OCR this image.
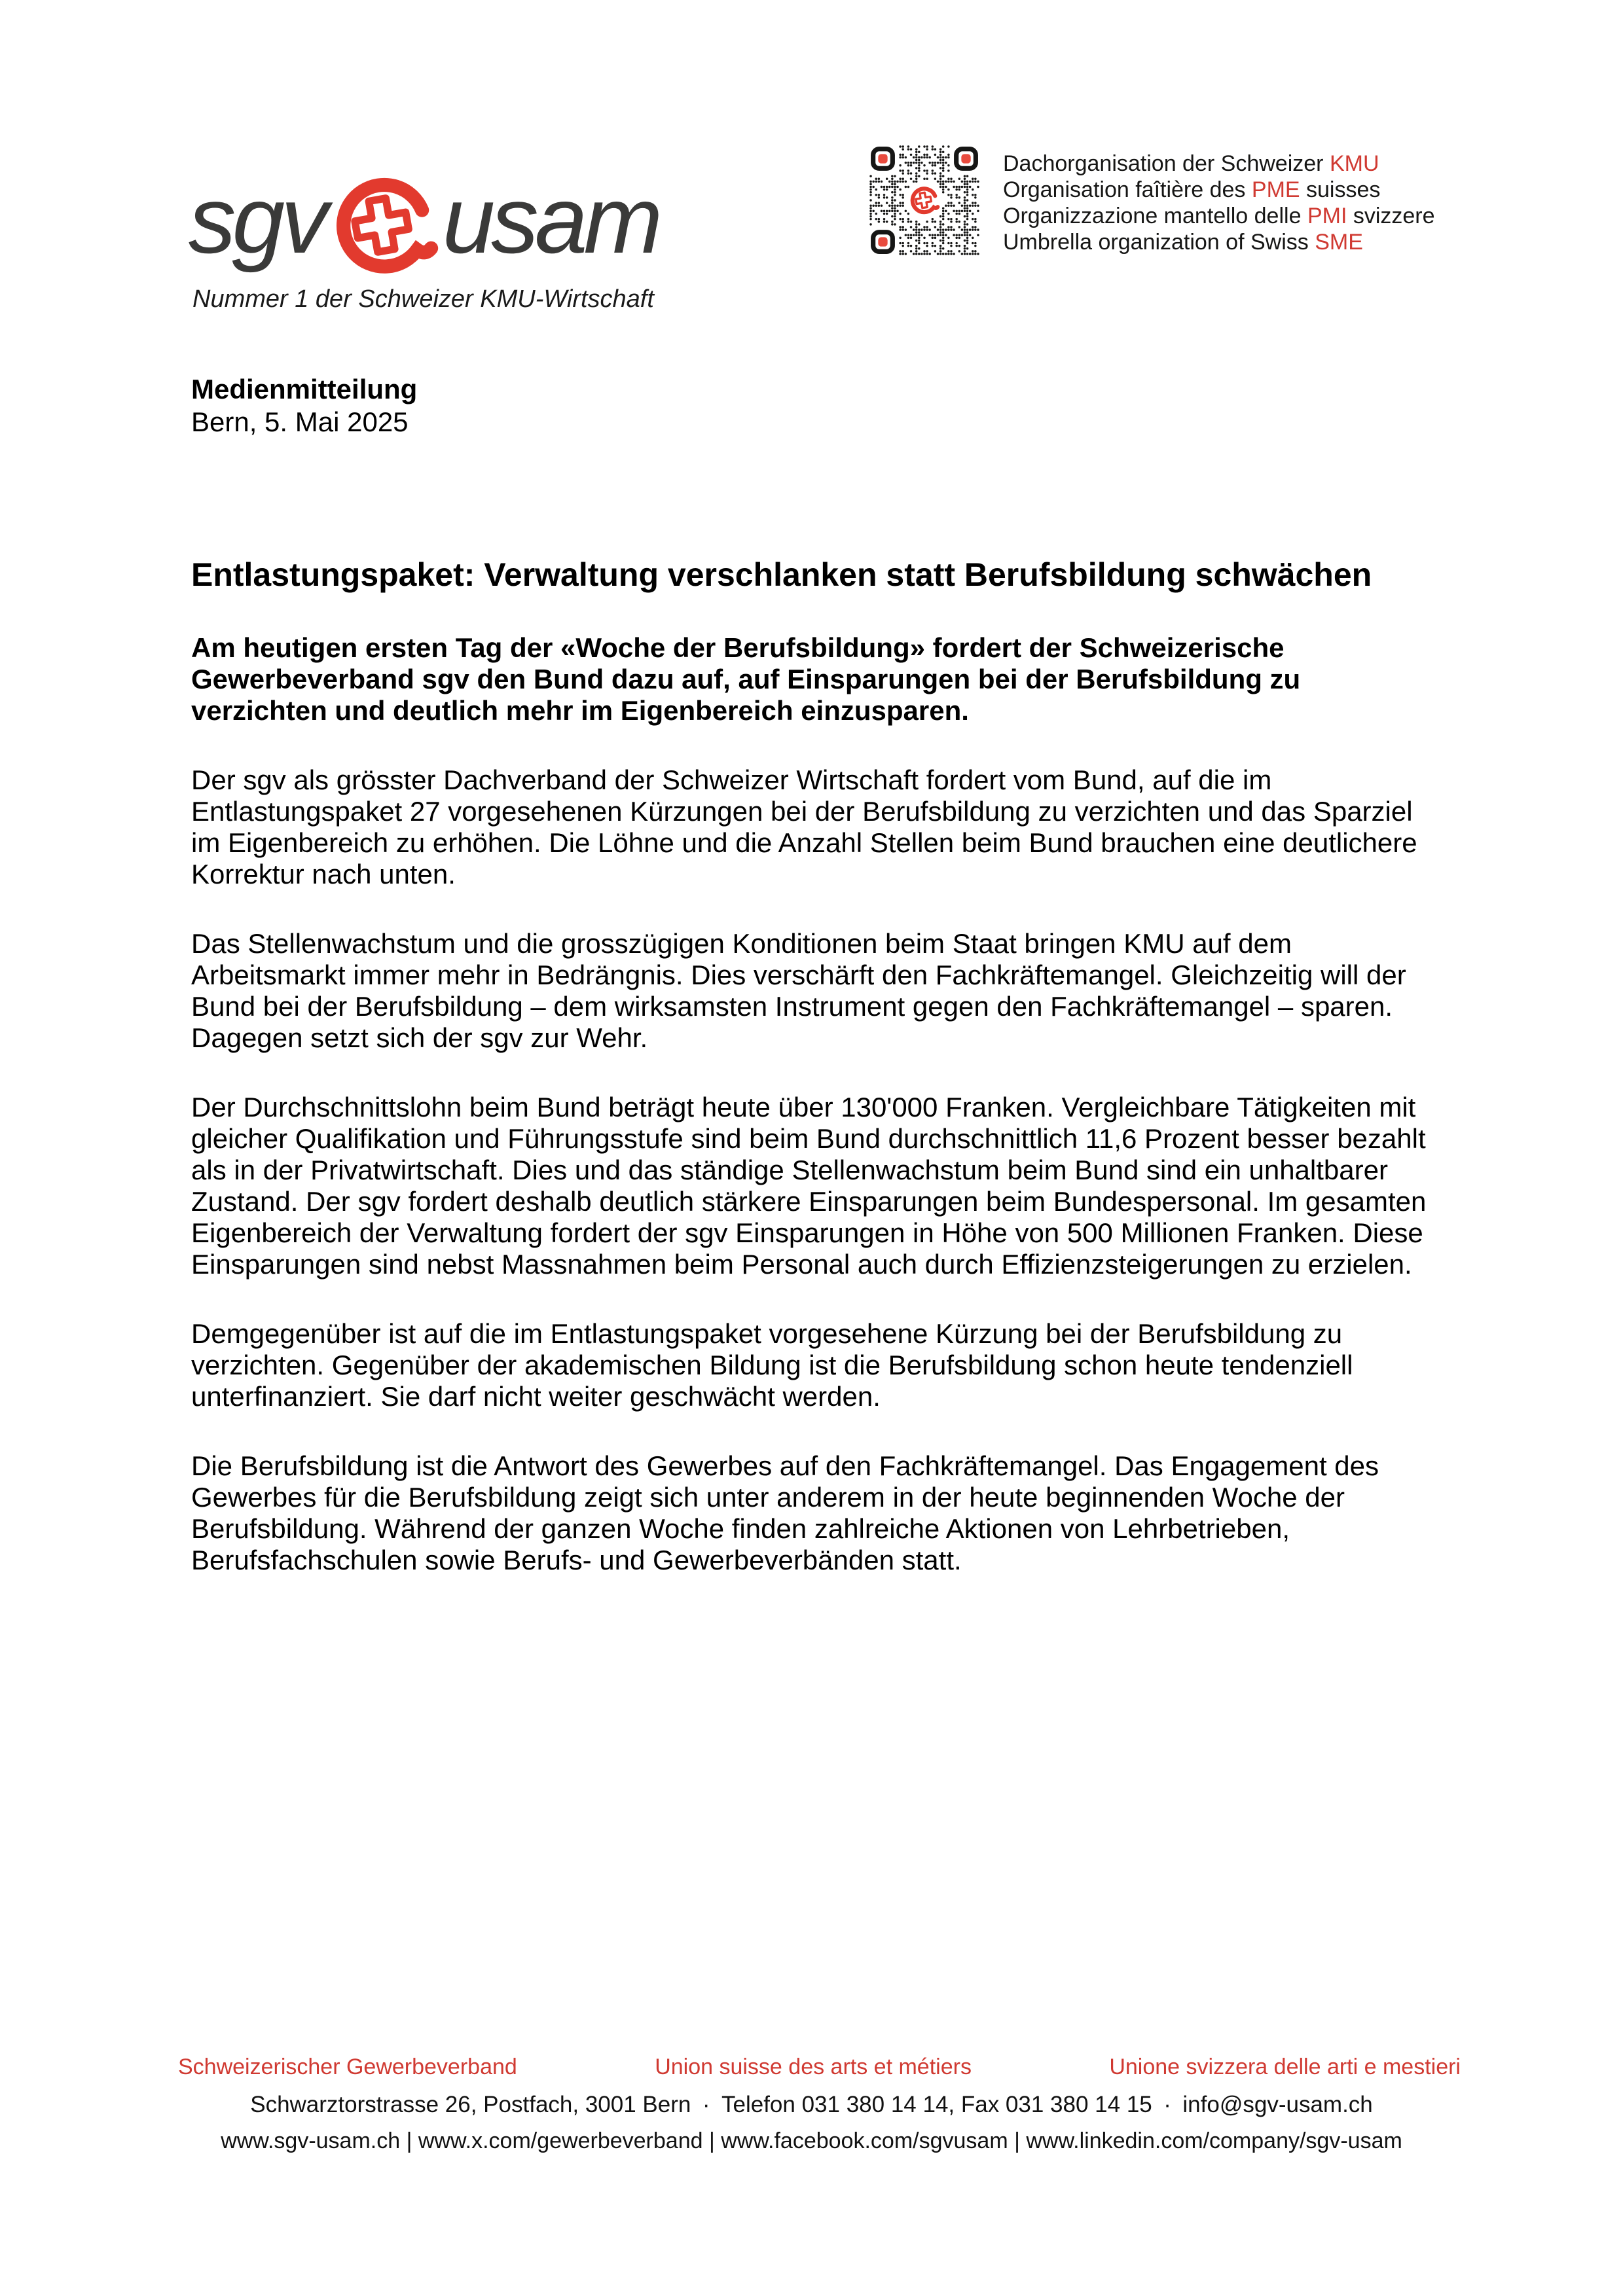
sgv usam
Nummer 1 der Schweizer KMU-Wirtschaft
Dachorganisation der Schweizer KMU
Organisation faîtière des PME suisses
Organizzazione mantello delle PMI svizzere
Umbrella organization of Swiss SME
Medienmitteilung
Bern, 5. Mai 2025
Entlastungspaket: Verwaltung verschlanken statt Berufsbildung schwächen

Am heutigen ersten Tag der «Woche der Berufsbildung» fordert der Schweizerische Gewerbeverband sgv den Bund dazu auf, auf Einsparungen bei der Berufsbildung zu verzichten und deutlich mehr im Eigenbereich einzusparen.

Der sgv als grösster Dachverband der Schweizer Wirtschaft fordert vom Bund, auf die im Entlastungspaket 27 vorgesehenen Kürzungen bei der Berufsbildung zu verzichten und das Sparziel im Eigenbereich zu erhöhen. Die Löhne und die Anzahl Stellen beim Bund brauchen eine deutlichere Korrektur nach unten.

Das Stellenwachstum und die grosszügigen Konditionen beim Staat bringen KMU auf dem Arbeitsmarkt immer mehr in Bedrängnis. Dies verschärft den Fachkräftemangel. Gleichzeitig will der Bund bei der Berufsbildung – dem wirksamsten Instrument gegen den Fachkräftemangel – sparen. Dagegen setzt sich der sgv zur Wehr.

Der Durchschnittslohn beim Bund beträgt heute über 130'000 Franken. Vergleichbare Tätigkeiten mit gleicher Qualifikation und Führungsstufe sind beim Bund durchschnittlich 11,6 Prozent besser bezahlt als in der Privatwirtschaft. Dies und das ständige Stellenwachstum beim Bund sind ein unhaltbarer Zustand. Der sgv fordert deshalb deutlich stärkere Einsparungen beim Bundespersonal. Im gesamten Eigenbereich der Verwaltung fordert der sgv Einsparungen in Höhe von 500 Millionen Franken. Diese Einsparungen sind nebst Massnahmen beim Personal auch durch Effizienzsteigerungen zu erzielen.

Demgegenüber ist auf die im Entlastungspaket vorgesehene Kürzung bei der Berufsbildung zu verzichten. Gegenüber der akademischen Bildung ist die Berufsbildung schon heute tendenziell unterfinanziert. Sie darf nicht weiter geschwächt werden.

Die Berufsbildung ist die Antwort des Gewerbes auf den Fachkräftemangel. Das Engagement des Gewerbes für die Berufsbildung zeigt sich unter anderem in der heute beginnenden Woche der Berufsbildung. Während der ganzen Woche finden zahlreiche Aktionen von Lehrbetrieben, Berufsfachschulen sowie Berufs- und Gewerbeverbänden statt.

Schweizerischer Gewerbeverband	Union suisse des arts et métiers	Unione svizzera delle arti e mestieri
Schwarztorstrasse 26, Postfach, 3001 Bern · Telefon 031 380 14 14, Fax 031 380 14 15 · info@sgv-usam.ch
www.sgv-usam.ch | www.x.com/gewerbeverband | www.facebook.com/sgvusam | www.linkedin.com/company/sgv-usam
